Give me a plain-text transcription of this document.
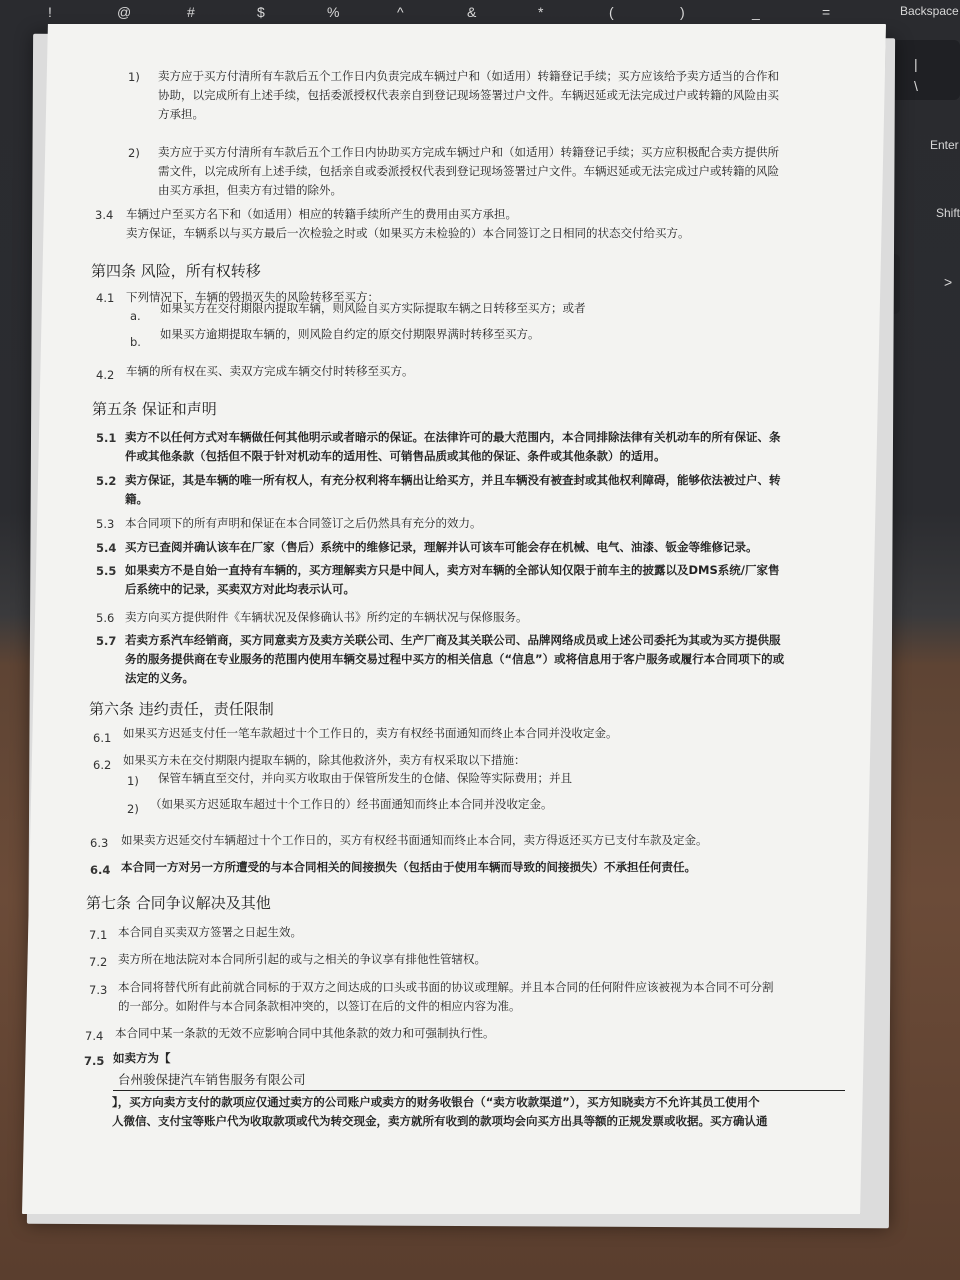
Backspace
Enter
Shift
|
\
>
!	@	#	$	%	^	&	*	(	)	_	=
1) 卖方应于买方付清所有车款后五个工作日内负责完成车辆过户和（如适用）转籍登记手续；买方应该给予卖方适当的合作和
协助，以完成所有上述手续，包括委派授权代表亲自到登记现场签署过户文件。车辆迟延或无法完成过户或转籍的风险由买
方承担。
2) 卖方应于买方付清所有车款后五个工作日内协助买方完成车辆过户和（如适用）转籍登记手续；买方应积极配合卖方提供所
需文件，以完成所有上述手续，包括亲自或委派授权代表到登记现场签署过户文件。车辆迟延或无法完成过户或转籍的风险
由买方承担，但卖方有过错的除外。
3.4 车辆过户至买方名下和（如适用）相应的转籍手续所产生的费用由买方承担。
卖方保证，车辆系以与买方最后一次检验之时或（如果买方未检验的）本合同签订之日相同的状态交付给买方。
第四条 风险，所有权转移
4.1 下列情况下，车辆的毁损灭失的风险转移至买方：
a.
如果买方在交付期限内提取车辆，则风险自买方实际提取车辆之日转移至买方；或者
b.
如果买方逾期提取车辆的，则风险自约定的原交付期限界满时转移至买方。
4.2 车辆的所有权在买、卖双方完成车辆交付时转移至买方。
第五条 保证和声明
5.1 卖方不以任何方式对车辆做任何其他明示或者暗示的保证。在法律许可的最大范围内，本合同排除法律有关机动车的所有保证、条
件或其他条款（包括但不限于针对机动车的适用性、可销售品质或其他的保证、条件或其他条款）的适用。
5.2 卖方保证，其是车辆的唯一所有权人，有充分权利将车辆出让给买方，并且车辆没有被查封或其他权利障碍，能够依法被过户、转
籍。
5.3 本合同项下的所有声明和保证在本合同签订之后仍然具有充分的效力。
5.4 买方已查阅并确认该车在厂家（售后）系统中的维修记录，理解并认可该车可能会存在机械、电气、油漆、钣金等维修记录。
5.5 如果卖方不是自始一直持有车辆的，买方理解卖方只是中间人，卖方对车辆的全部认知仅限于前车主的披露以及DMS系统/厂家售
后系统中的记录，买卖双方对此均表示认可。
5.6 卖方向买方提供附件《车辆状况及保修确认书》所约定的车辆状况与保修服务。
5.7 若卖方系汽车经销商，买方同意卖方及卖方关联公司、生产厂商及其关联公司、品牌网络成员或上述公司委托为其或为买方提供服
务的服务提供商在专业服务的范围内使用车辆交易过程中买方的相关信息（“信息”）或将信息用于客户服务或履行本合同项下的或
法定的义务。
第六条 违约责任，责任限制
6.1 如果买方迟延支付任一笔车款超过十个工作日的，卖方有权经书面通知而终止本合同并没收定金。
6.2 如果买方未在交付期限内提取车辆的，除其他救济外，卖方有权采取以下措施：
1) 保管车辆直至交付，并向买方收取由于保管所发生的仓储、保险等实际费用；并且
2) （如果买方迟延取车超过十个工作日的）经书面通知而终止本合同并没收定金。
6.3 如果卖方迟延交付车辆超过十个工作日的，买方有权经书面通知而终止本合同，卖方得返还买方已支付车款及定金。
6.4 本合同一方对另一方所遭受的与本合同相关的间接损失（包括由于使用车辆而导致的间接损失）不承担任何责任。
第七条 合同争议解决及其他
7.1 本合同自买卖双方签署之日起生效。
7.2 卖方所在地法院对本合同所引起的或与之相关的争议享有排他性管辖权。
7.3 本合同将替代所有此前就合同标的于双方之间达成的口头或书面的协议或理解。并且本合同的任何附件应该被视为本合同不可分割
的一部分。如附件与本合同条款相冲突的，以签订在后的文件的相应内容为准。
7.4 本合同中某一条款的无效不应影响合同中其他条款的效力和可强制执行性。
7.5 如卖方为【
台州骏保捷汽车销售服务有限公司
】，买方向卖方支付的款项应仅通过卖方的公司账户或卖方的财务收银台（“卖方收款渠道”），买方知晓卖方不允许其员工使用个
人微信、支付宝等账户代为收取款项或代为转交现金，卖方就所有收到的款项均会向买方出具等额的正规发票或收据。买方确认通
